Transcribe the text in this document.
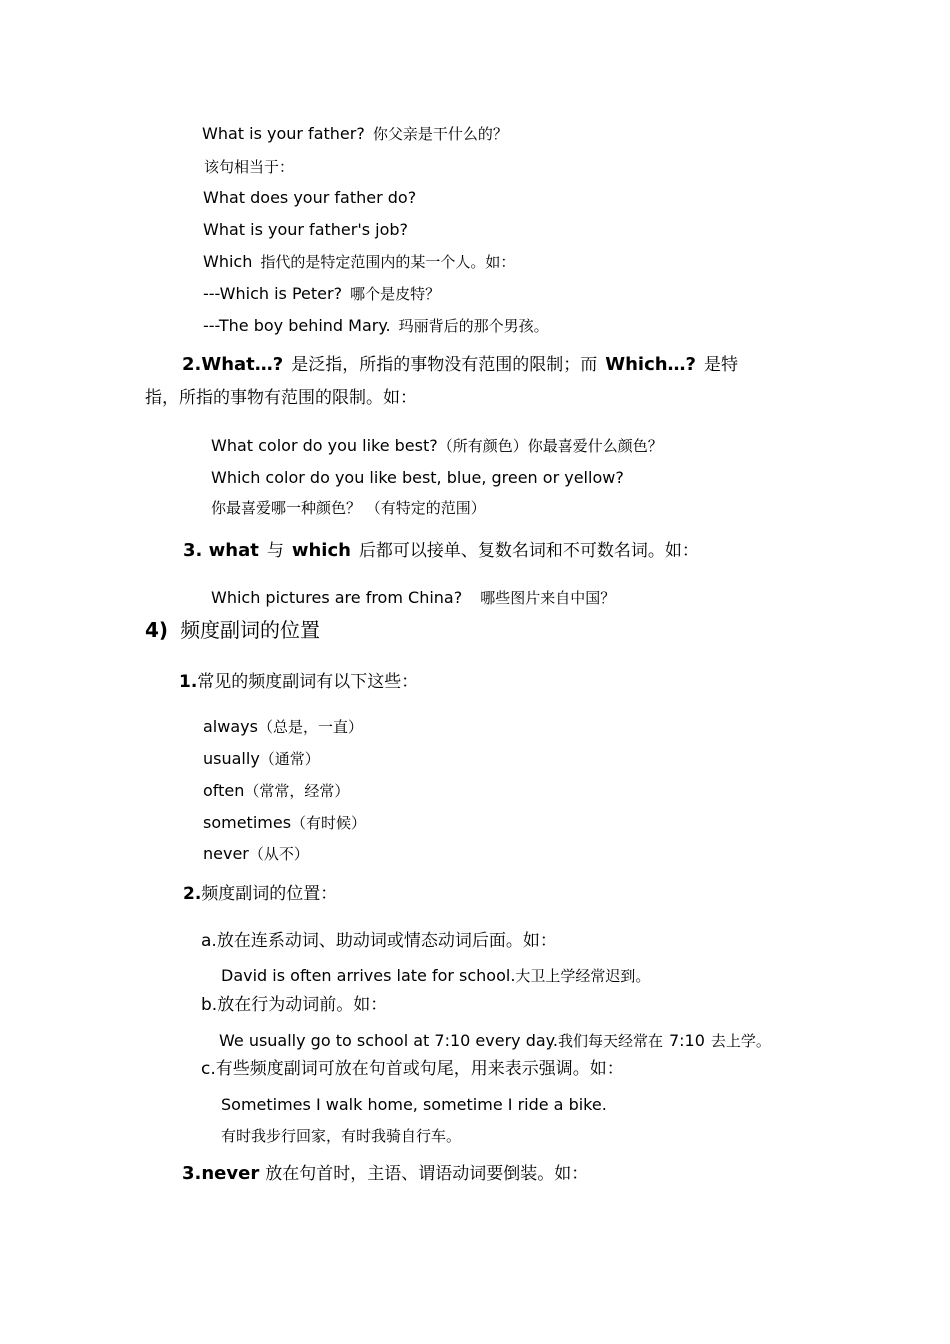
What is your father? 你父亲是干什么的？
该句相当于：
What does your father do?
What is your father's job?
Which 指代的是特定范围内的某一个人。如：
---Which is Peter? 哪个是皮特？
---The boy behind Mary. 玛丽背后的那个男孩。
2.What…? 是泛指，所指的事物没有范围的限制；而 Which…? 是特
指，所指的事物有范围的限制。如：
What color do you like best?（所有颜色）你最喜爱什么颜色？
Which color do you like best, blue, green or yellow?
你最喜爱哪一种颜色？ （有特定的范围）
3. what 与 which 后都可以接单、复数名词和不可数名词。如：
Which pictures are from China? 哪些图片来自中国？
4) 频度副词的位置
1.常见的频度副词有以下这些：
always（总是，一直）
usually（通常）
often（常常，经常）
sometimes（有时候）
never（从不）
2.频度副词的位置：
a.放在连系动词、助动词或情态动词后面。如：
David is often arrives late for school.大卫上学经常迟到。
b.放在行为动词前。如：
We usually go to school at 7:10 every day.我们每天经常在 7:10 去上学。
c.有些频度副词可放在句首或句尾，用来表示强调。如：
Sometimes I walk home, sometime I ride a bike.
有时我步行回家，有时我骑自行车。
3.never 放在句首时，主语、谓语动词要倒装。如：
